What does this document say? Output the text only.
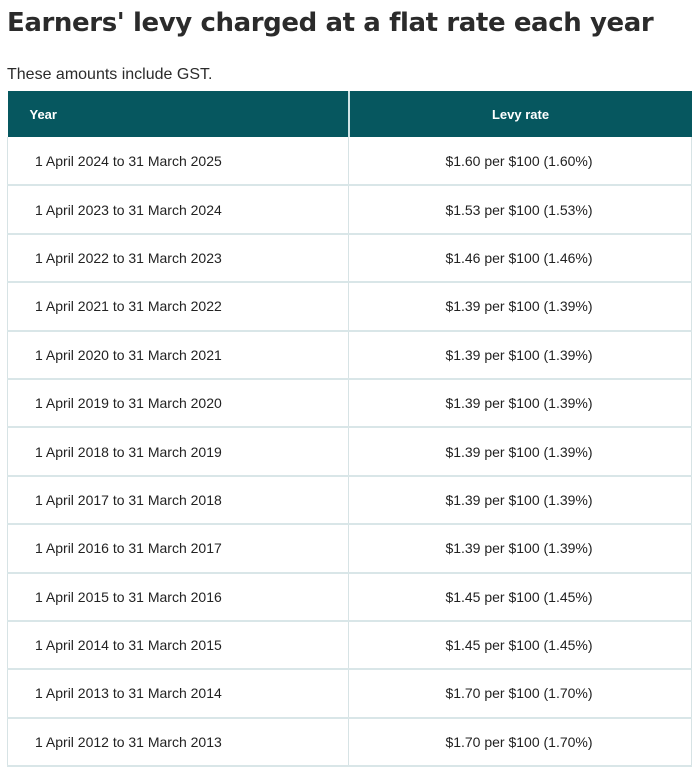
Earners' levy charged at a flat rate each year

These amounts include GST.

Year	Levy rate
1 April 2024 to 31 March 2025	$1.60 per $100 (1.60%)
1 April 2023 to 31 March 2024	$1.53 per $100 (1.53%)
1 April 2022 to 31 March 2023	$1.46 per $100 (1.46%)
1 April 2021 to 31 March 2022	$1.39 per $100 (1.39%)
1 April 2020 to 31 March 2021	$1.39 per $100 (1.39%)
1 April 2019 to 31 March 2020	$1.39 per $100 (1.39%)
1 April 2018 to 31 March 2019	$1.39 per $100 (1.39%)
1 April 2017 to 31 March 2018	$1.39 per $100 (1.39%)
1 April 2016 to 31 March 2017	$1.39 per $100 (1.39%)
1 April 2015 to 31 March 2016	$1.45 per $100 (1.45%)
1 April 2014 to 31 March 2015	$1.45 per $100 (1.45%)
1 April 2013 to 31 March 2014	$1.70 per $100 (1.70%)
1 April 2012 to 31 March 2013	$1.70 per $100 (1.70%)
